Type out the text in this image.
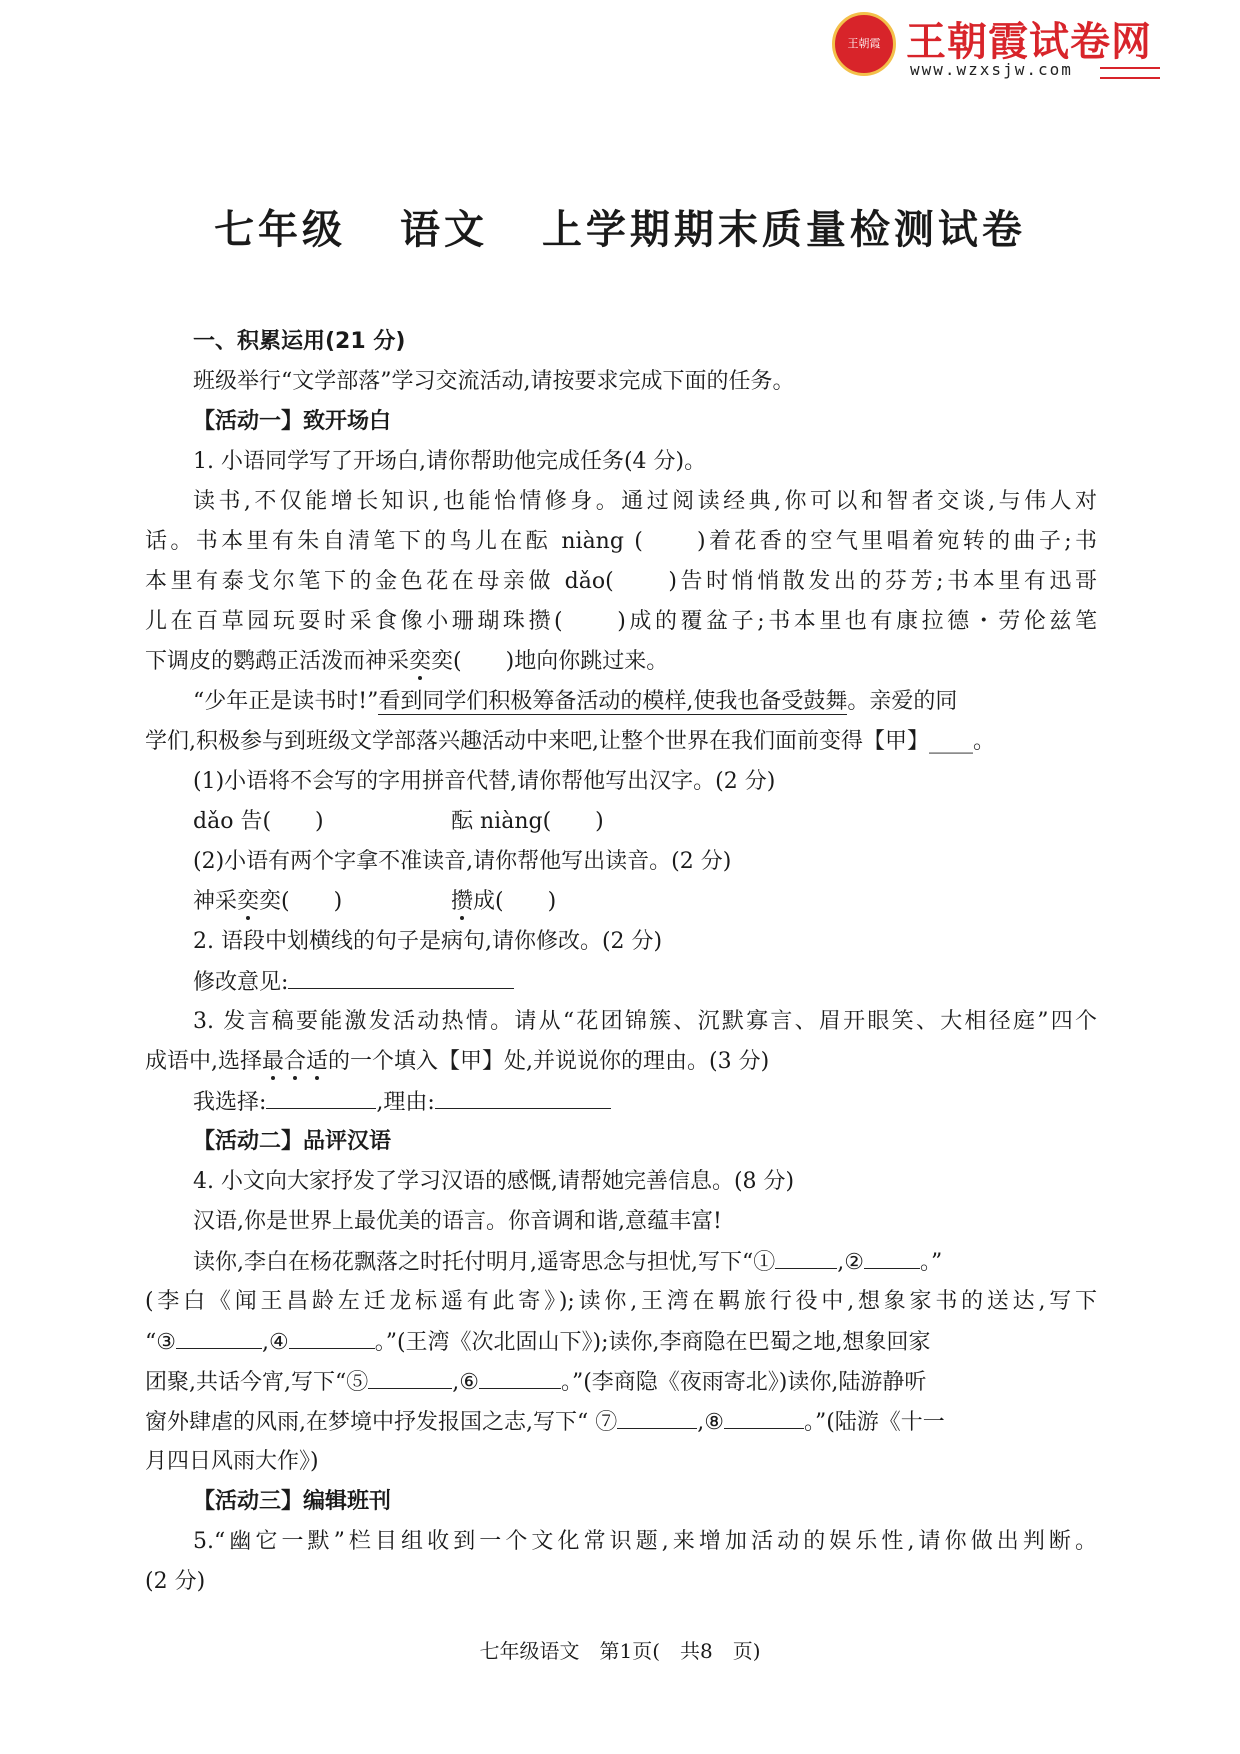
王朝霞 王朝霞试卷网
www.wzxsjw.com
七年级 语文 上学期期末质量检测试卷
一、积累运用(21 分)
班级举行“文学部落”学习交流活动,请按要求完成下面的任务。
【活动一】致开场白
1. 小语同学写了开场白,请你帮助他完成任务(4 分)。
读书,不仅能增长知识,也能怡情修身。通过阅读经典,你可以和智者交谈,与伟人对
话。书本里有朱自清笔下的鸟儿在酝 niàng (　　)着花香的空气里唱着宛转的曲子;书
本里有泰戈尔笔下的金色花在母亲做 dǎo(　　)告时悄悄散发出的芬芳;书本里有迅哥
儿在百草园玩耍时采食像小珊瑚珠攒(　　)成的覆盆子;书本里也有康拉德・劳伦兹笔
下调皮的鹦鹉正活泼而神采奕奕(　　)地向你跳过来。
“少年正是读书时!”看到同学们积极筹备活动的模样,使我也备受鼓舞。亲爱的同
学们,积极参与到班级文学部落兴趣活动中来吧,让整个世界在我们面前变得【甲】____。
(1)小语将不会写的字用拼音代替,请你帮他写出汉字。(2 分)
dǎo 告(　　)	酝 niàng(　　)
(2)小语有两个字拿不准读音,请你帮他写出读音。(2 分)
神采奕奕(　　)	攒成(　　)
2. 语段中划横线的句子是病句,请你修改。(2 分)
修改意见:
3. 发言稿要能激发活动热情。请从“花团锦簇、沉默寡言、眉开眼笑、大相径庭”四个
成语中,选择最合适的一个填入【甲】处,并说说你的理由。(3 分)
我选择:	,理由:
【活动二】品评汉语
4. 小文向大家抒发了学习汉语的感慨,请帮她完善信息。(8 分)
汉语,你是世界上最优美的语言。你音调和谐,意蕴丰富!
读你,李白在杨花飘落之时托付明月,遥寄思念与担忧,写下“①	,②	。”
(李白《闻王昌龄左迁龙标遥有此寄》);读你,王湾在羁旅行役中,想象家书的送达,写下
“③	,④	。”(王湾《次北固山下》);读你,李商隐在巴蜀之地,想象回家
团聚,共话今宵,写下“⑤	,⑥	。”(李商隐《夜雨寄北》)读你,陆游静听
窗外肆虐的风雨,在梦境中抒发报国之志,写下“ ⑦	,⑧	。”(陆游《十一
月四日风雨大作》)
【活动三】编辑班刊
5.“幽它一默”栏目组收到一个文化常识题,来增加活动的娱乐性,请你做出判断。
(2 分)
七年级语文　第1页(　共8　页)
